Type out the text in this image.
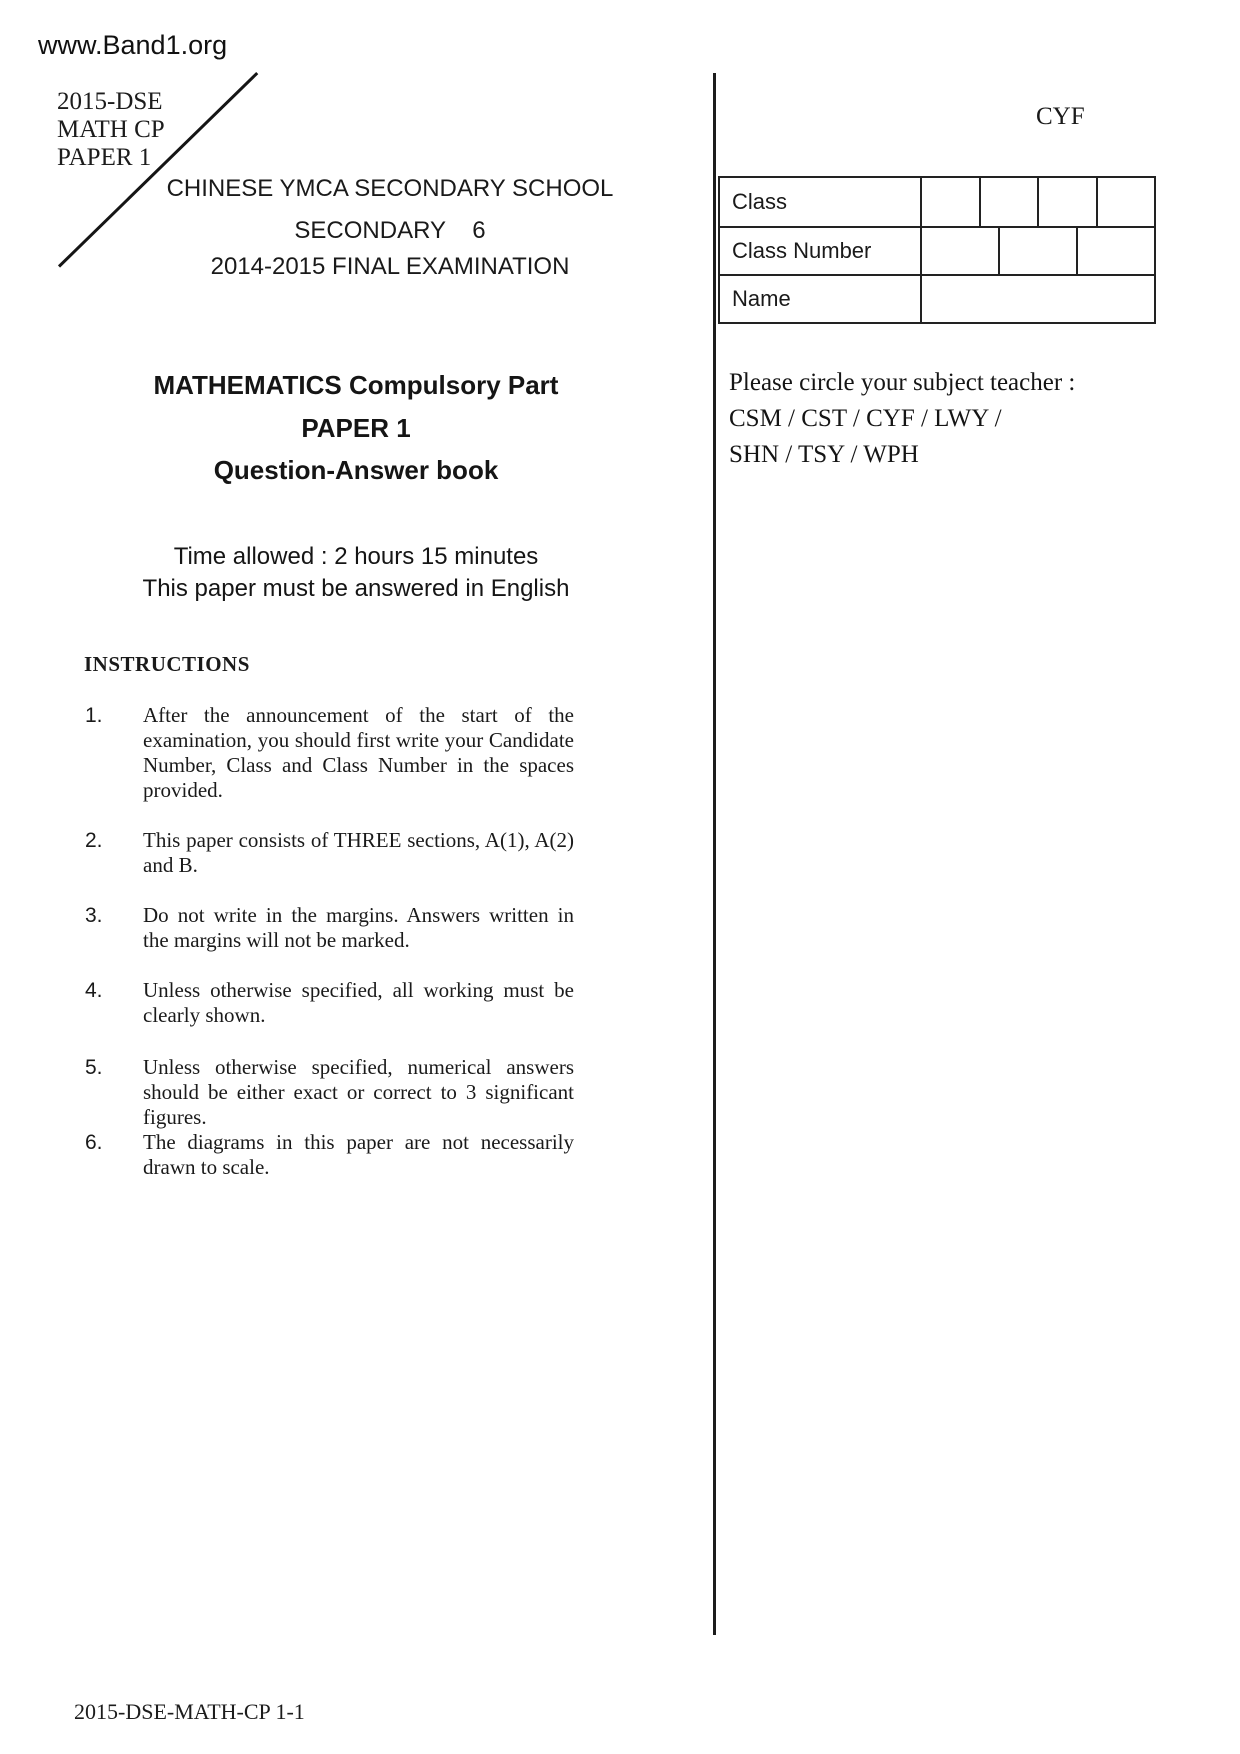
www.Band1.org
2015-DSE
MATH CP
PAPER 1
CHINESE YMCA SECONDARY SCHOOL
SECONDARY    6
2014-2015 FINAL EXAMINATION
CYF
Class
Class Number
Name
Please circle your subject teacher :
CSM / CST / CYF / LWY /
SHN / TSY / WPH
MATHEMATICS Compulsory Part
PAPER 1
Question-Answer book
Time allowed : 2 hours 15 minutes
This paper must be answered in English
INSTRUCTIONS
1.	After the announcement of the start of the examination, you should first write your Candidate Number, Class and Class Number in the spaces provided.
2.	This paper consists of THREE sections, A(1), A(2) and B.
3.	Do not write in the margins. Answers written in the margins will not be marked.
4.	Unless otherwise specified, all working must be clearly shown.
5.	Unless otherwise specified, numerical answers should be either exact or correct to 3 significant figures.
6.	The diagrams in this paper are not necessarily drawn to scale.
2015-DSE-MATH-CP 1-1
